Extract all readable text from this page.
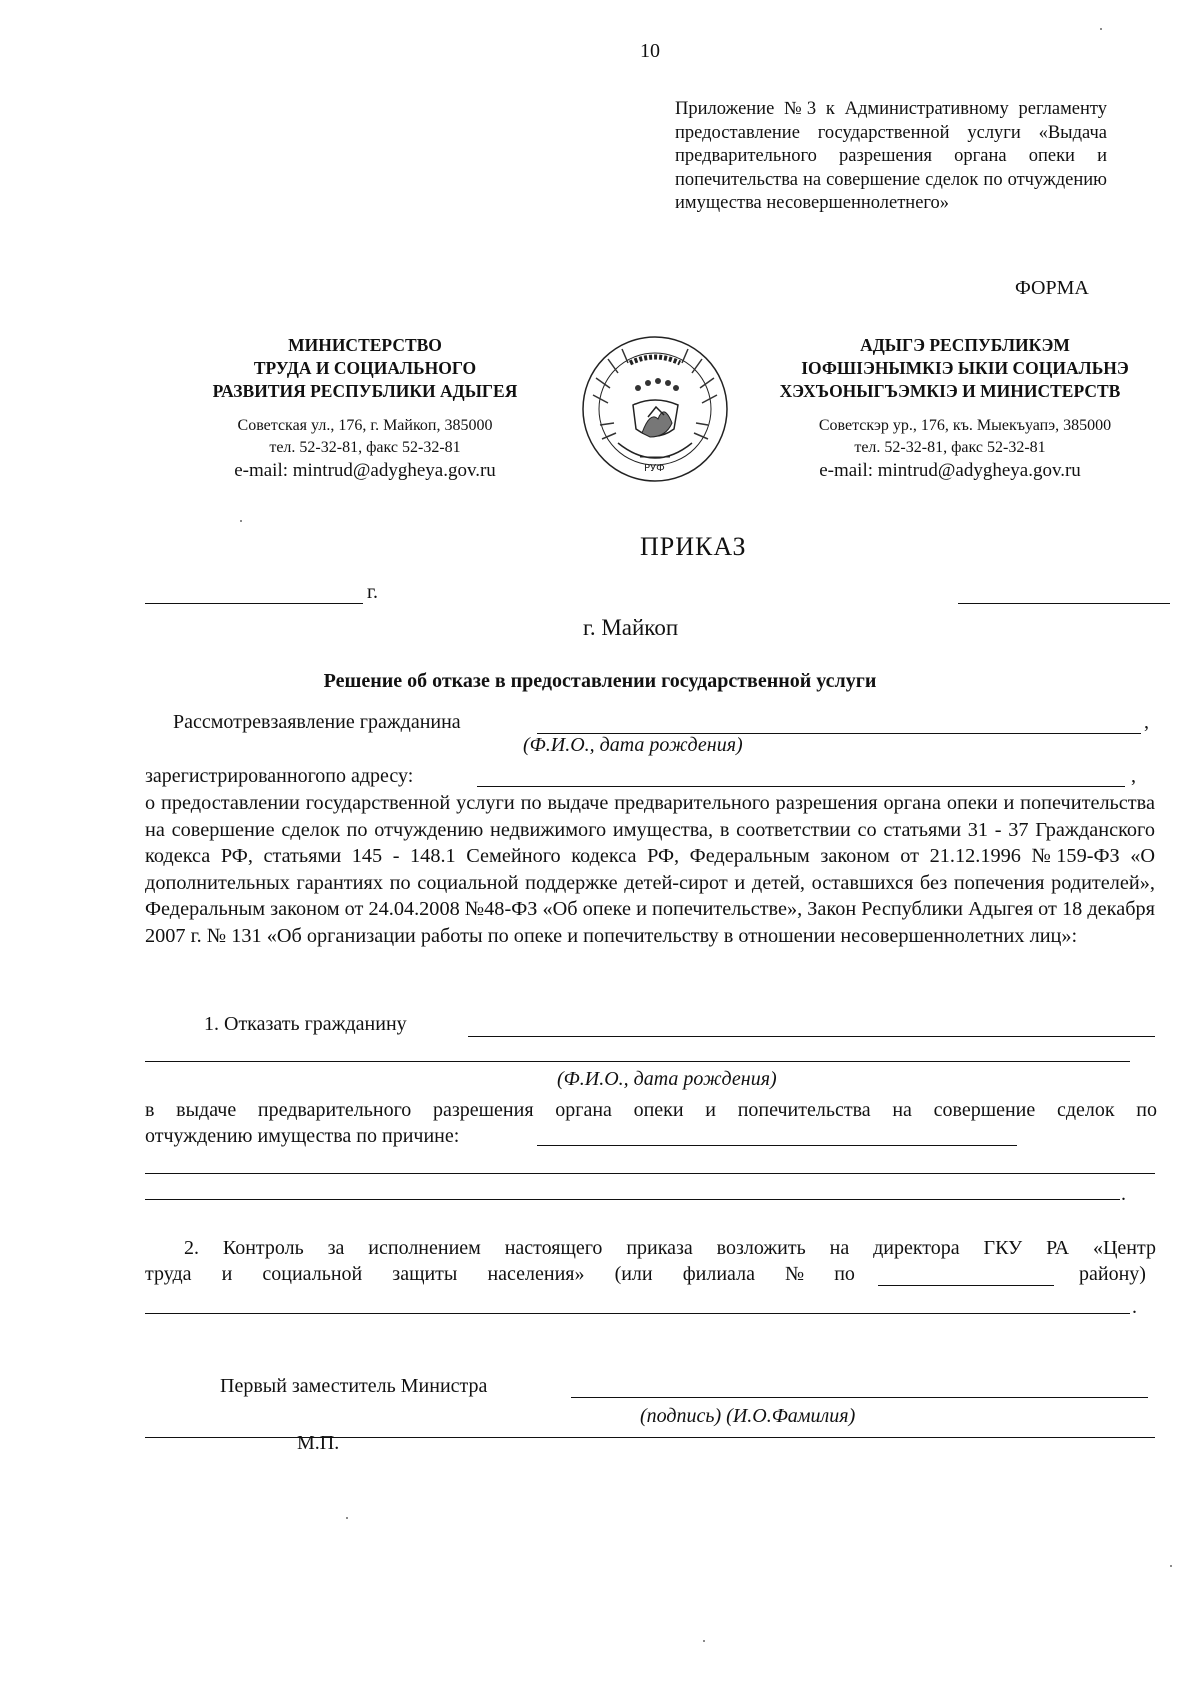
10
Приложение №3 к Административному регламенту предоставление государственной услуги «Выдача предварительного разрешения органа опеки и попечительства на совершение сделок по отчуждению имущества несовершеннолетнего»
ФОРМА
МИНИСТЕРСТВО
ТРУДА И СОЦИАЛЬНОГО
РАЗВИТИЯ РЕСПУБЛИКИ АДЫГЕЯ
Советская ул., 176, г. Майкоп, 385000
тел. 52-32-81, факс 52-32-81
e-mail: mintrud@adygheya.gov.ru	РУФ
АДЫГЭ РЕСПУБЛИКЭМ
IОФШIЭНЫМКIЭ ЫКIИ СОЦИАЛЬНЭ
ХЭХЪОНЫГЪЭМКIЭ И МИНИСТЕРСТВ
Советскэр ур., 176, къ. Мыекъуапэ, 385000
тел. 52-32-81, факс 52-32-81
e-mail: mintrud@adygheya.gov.ru
ПРИКАЗ
г.
г. Майкоп
Решение об отказе в предоставлении государственной услуги
Рассмотревзаявление гражданина	,
(Ф.И.О., дата рождения)
зарегистрированногопо адресу:	,
о предоставлении государственной услуги по выдаче предварительного разрешения органа опеки и попечительства на совершение сделок по отчуждению недвижимого имущества, в соответствии со статьями 31 - 37 Гражданского кодекса РФ, статьями 145 - 148.1 Семейного кодекса РФ, Федеральным законом от 21.12.1996 №159-ФЗ «О дополнительных гарантиях по социальной поддержке детей-сирот и детей, оставшихся без попечения родителей», Федеральным законом от 24.04.2008 №48-ФЗ «Об опеке и попечительстве», Закон Республики Адыгея от 18 декабря 2007 г. № 131 «Об организации работы по опеке и попечительству в отношении несовершеннолетних лиц»:
1. Отказать гражданину
(Ф.И.О., дата рождения)
в выдаче предварительного разрешения органа опеки и попечительства на совершение сделок по
отчуждению имущества по причине:
.
2. Контроль за исполнением настоящего приказа возложить на директора ГКУ РА «Центр
труда и социальной защиты населения» (или филиала № по	району)
.
Первый заместитель Министра
(подпись) (И.О.Фамилия)
М.П.
